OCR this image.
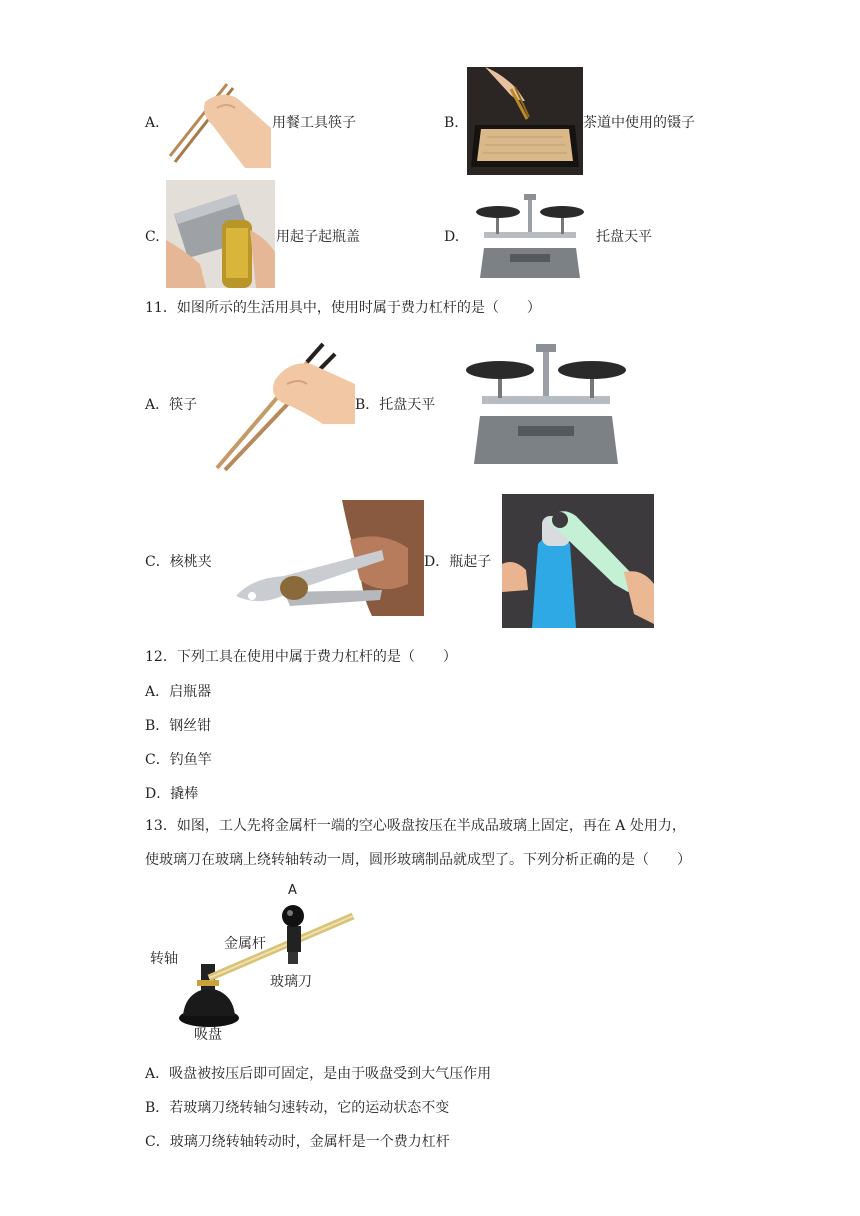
A.	用餐工具筷子	B.	茶道中使用的镊子
C.	用起子起瓶盖	D.	托盘天平
11．如图所示的生活用具中，使用时属于费力杠杆的是（　　）
A．筷子	B．托盘天平
C．核桃夹	D．瓶起子
12．下列工具在使用中属于费力杠杆的是（　　）
A．启瓶器
B．钢丝钳
C．钓鱼竿
D．撬棒
13．如图，工人先将金属杆一端的空心吸盘按压在半成品玻璃上固定，再在 A 处用力，
使玻璃刀在玻璃上绕转轴转动一周，圆形玻璃制品就成型了。下列分析正确的是（　　）
A
金属杆
转轴
玻璃刀
吸盘
A．吸盘被按压后即可固定，是由于吸盘受到大气压作用
B．若玻璃刀绕转轴匀速转动，它的运动状态不变
C．玻璃刀绕转轴转动时，金属杆是一个费力杠杆
